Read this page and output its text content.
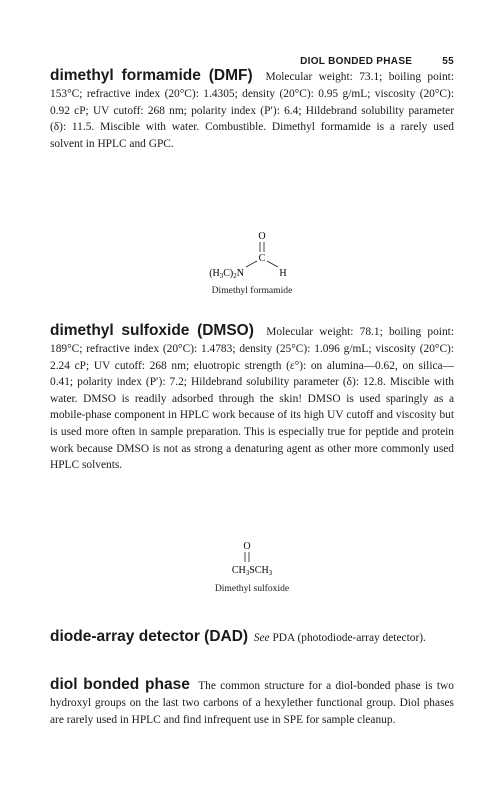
DIOL BONDED PHASE	55

dimethyl formamide (DMF) Molecular weight: 73.1; boiling point: 153°C; refractive index (20°C): 1.4305; density (20°C): 0.95 g/mL; viscosity (20°C): 0.92 cP; UV cutoff: 268 nm; polarity index (P′): 6.4; Hildebrand solubility parameter (δ): 11.5. Miscible with water. Combustible. Dimethyl formamide is a rarely used solvent in HPLC and GPC.

O
C
$(H_3C)_2N$	H
Dimethyl formamide

dimethyl sulfoxide (DMSO) Molecular weight: 78.1; boiling point: 189°C; refractive index (20°C): 1.4783; density (25°C): 1.096 g/mL; viscosity (20°C): 2.24 cP; UV cutoff: 268 nm; eluotropic strength (ε°): on alumina—0.62, on silica—0.41; polarity index (P′): 7.2; Hildebrand solubility parameter (δ): 12.8. Miscible with water. DMSO is readily adsorbed through the skin! DMSO is used sparingly as a mobile-phase component in HPLC work because of its high UV cutoff and viscosity but is used more often in sample preparation. This is especially true for peptide and protein work because DMSO is not as strong a denaturing agent as other more commonly used HPLC solvents.

O
$CH_3SCH_3$
Dimethyl sulfoxide

diode-array detector (DAD) See PDA (photodiode-array detector).

diol bonded phase The common structure for a diol-bonded phase is two hydroxyl groups on the last two carbons of a hexylether functional group. Diol phases are rarely used in HPLC and find infrequent use in SPE for sample cleanup.
